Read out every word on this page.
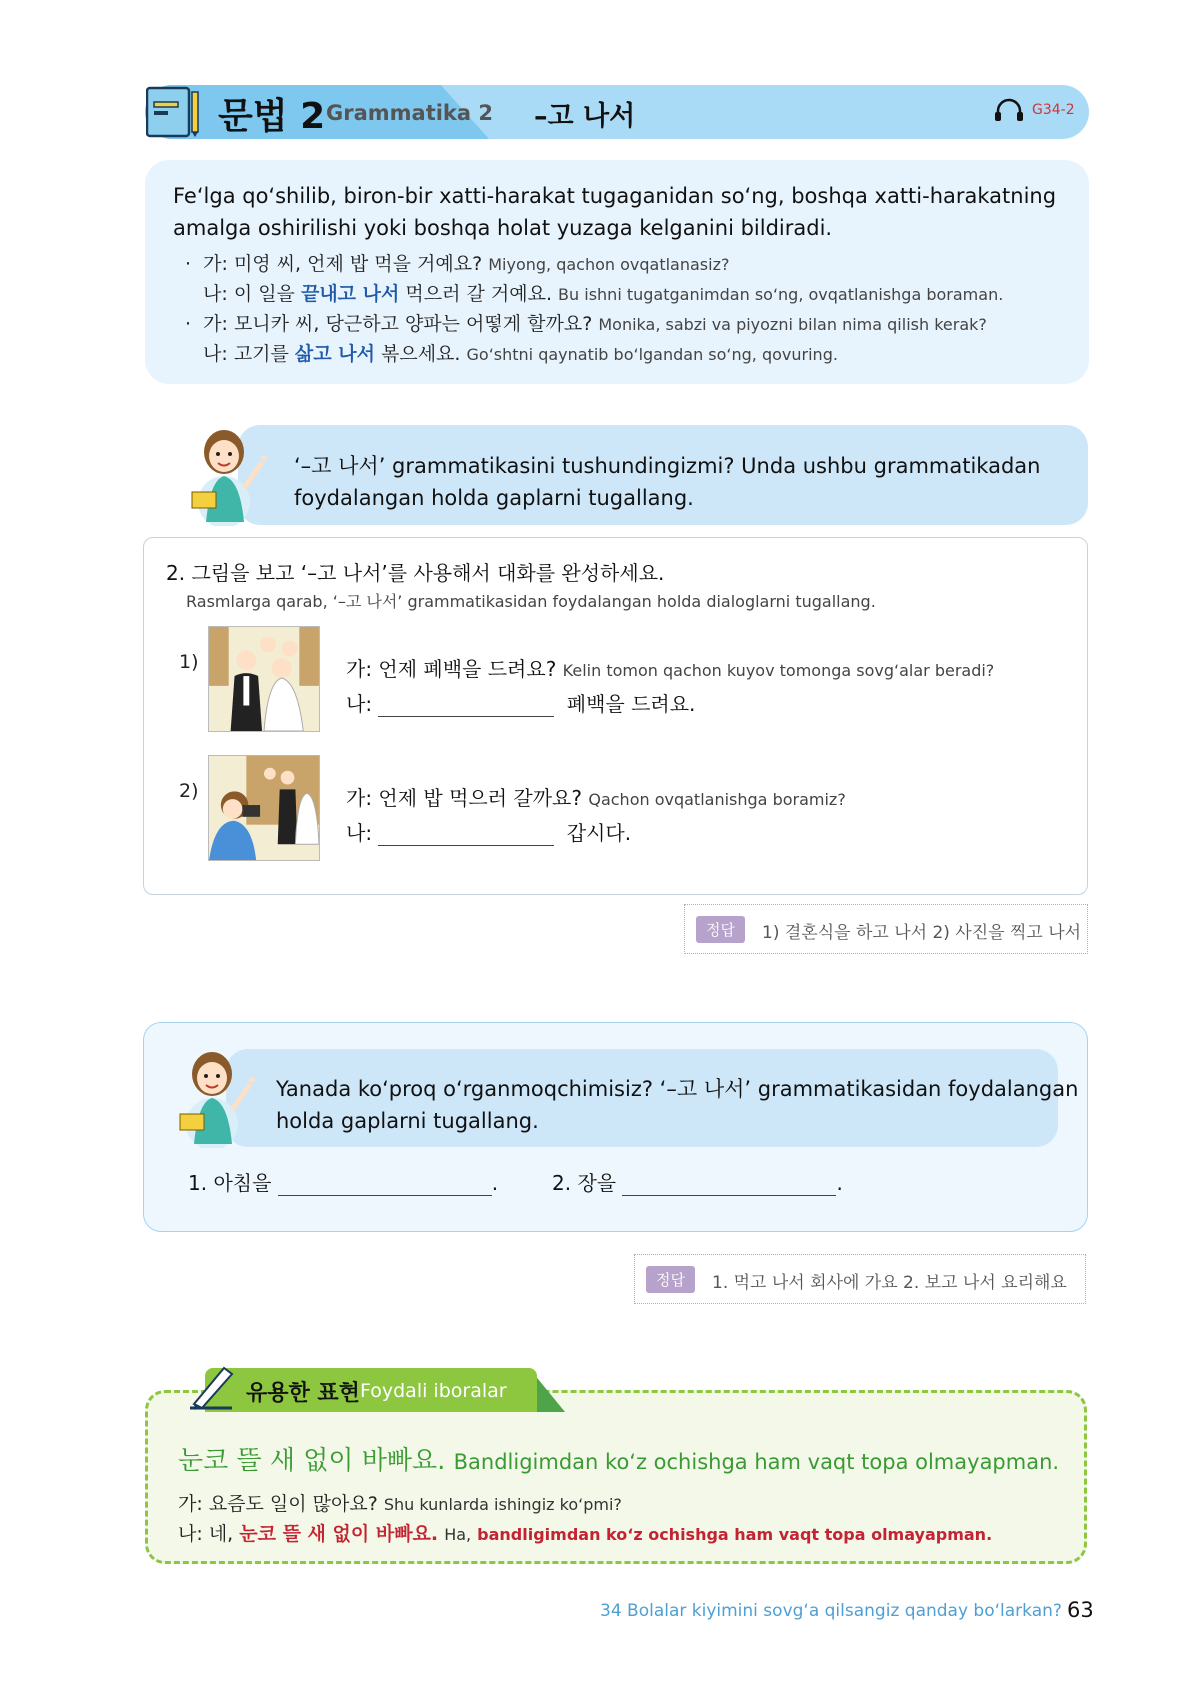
문법 2 Grammatika 2 –고 나서	G34-2
Fe‘lga qo‘shilib, biron-bir xatti-harakat tugaganidan so‘ng, boshqa xatti-harakatning amalga oshirilishi yoki boshqa holat yuzaga kelganini bildiradi.
· 가: 미영 씨, 언제 밥 먹을 거예요? Miyong, qachon ovqatlanasiz?
나: 이 일을 끝내고 나서 먹으러 갈 거예요. Bu ishni tugatganimdan so‘ng, ovqatlanishga boraman.
· 가: 모니카 씨, 당근하고 양파는 어떻게 할까요? Monika, sabzi va piyozni bilan nima qilish kerak?
나: 고기를 삶고 나서 볶으세요. Go‘shtni qaynatib bo‘lgandan so‘ng, qovuring.
‘–고 나서’ grammatikasini tushundingizmi? Unda ushbu grammatikadan
foydalangan holda gaplarni tugallang.
2. 그림을 보고 ‘–고 나서’를 사용해서 대화를 완성하세요.
Rasmlarga qarab, ‘–고 나서’ grammatikasidan foydalangan holda dialoglarni tugallang.
1)	가: 언제 폐백을 드려요? Kelin tomon qachon kuyov tomonga sovg‘alar beradi?
나:	폐백을 드려요.
2)	가: 언제 밥 먹으러 갈까요? Qachon ovqatlanishga boramiz?
나:	갑시다.
정답	1) 결혼식을 하고 나서 2) 사진을 찍고 나서
Yanada ko‘proq o‘rganmoqchimisiz? ‘–고 나서’ grammatikasidan foydalangan
holda gaplarni tugallang.
1. 아침을	.	2. 장을	.
정답	1. 먹고 나서 회사에 가요 2. 보고 나서 요리해요
유용한 표현 Foydali iboralar
눈코 뜰 새 없이 바빠요. Bandligimdan ko‘z ochishga ham vaqt topa olmayapman.
가: 요즘도 일이 많아요? Shu kunlarda ishingiz ko‘pmi?
나: 네, 눈코 뜰 새 없이 바빠요. Ha, bandligimdan ko‘z ochishga ham vaqt topa olmayapman.
34 Bolalar kiyimini sovg‘a qilsangiz qanday bo‘larkan? 63
